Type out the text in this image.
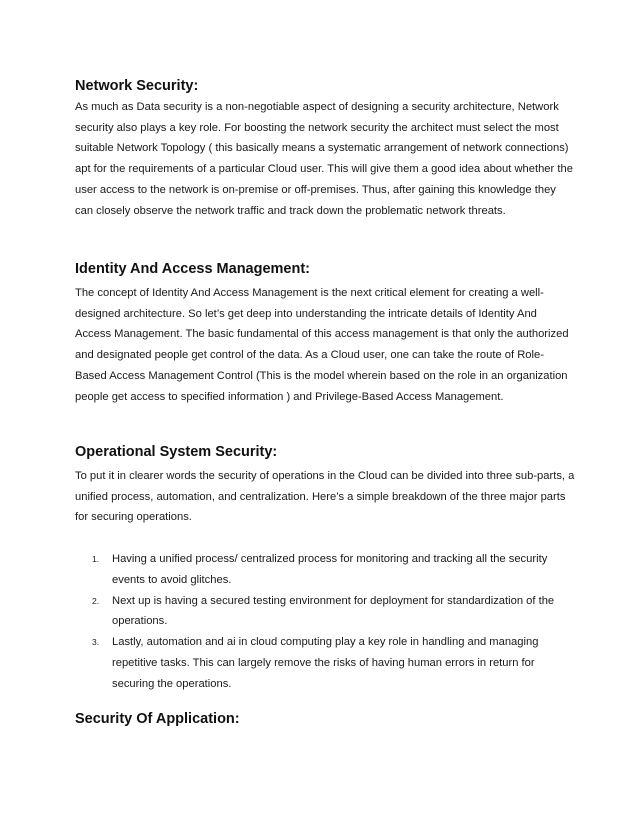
Network Security:

As much as Data security is a non-negotiable aspect of designing a security architecture, Network security also plays a key role. For boosting the network security the architect must select the most suitable Network Topology ( this basically means a systematic arrangement of network connections) apt for the requirements of a particular Cloud user. This will give them a good idea about whether the user access to the network is on-premise or off-premises. Thus, after gaining this knowledge they can closely observe the network traffic and track down the problematic network threats.

Identity And Access Management:

The concept of Identity And Access Management is the next critical element for creating a well-designed architecture. So let’s get deep into understanding the intricate details of Identity And Access Management. The basic fundamental of this access management is that only the authorized and designated people get control of the data. As a Cloud user, one can take the route of Role-Based Access Management Control (This is the model wherein based on the role in an organization people get access to specified information ) and Privilege-Based Access Management.

Operational System Security:

To put it in clearer words the security of operations in the Cloud can be divided into three sub-parts, a unified process, automation, and centralization. Here’s a simple breakdown of the three major parts for securing operations.

1. Having a unified process/ centralized process for monitoring and tracking all the security events to avoid glitches.
2. Next up is having a secured testing environment for deployment for standardization of the operations.
3. Lastly, automation and ai in cloud computing play a key role in handling and managing repetitive tasks. This can largely remove the risks of having human errors in return for securing the operations.
Security Of Application:
